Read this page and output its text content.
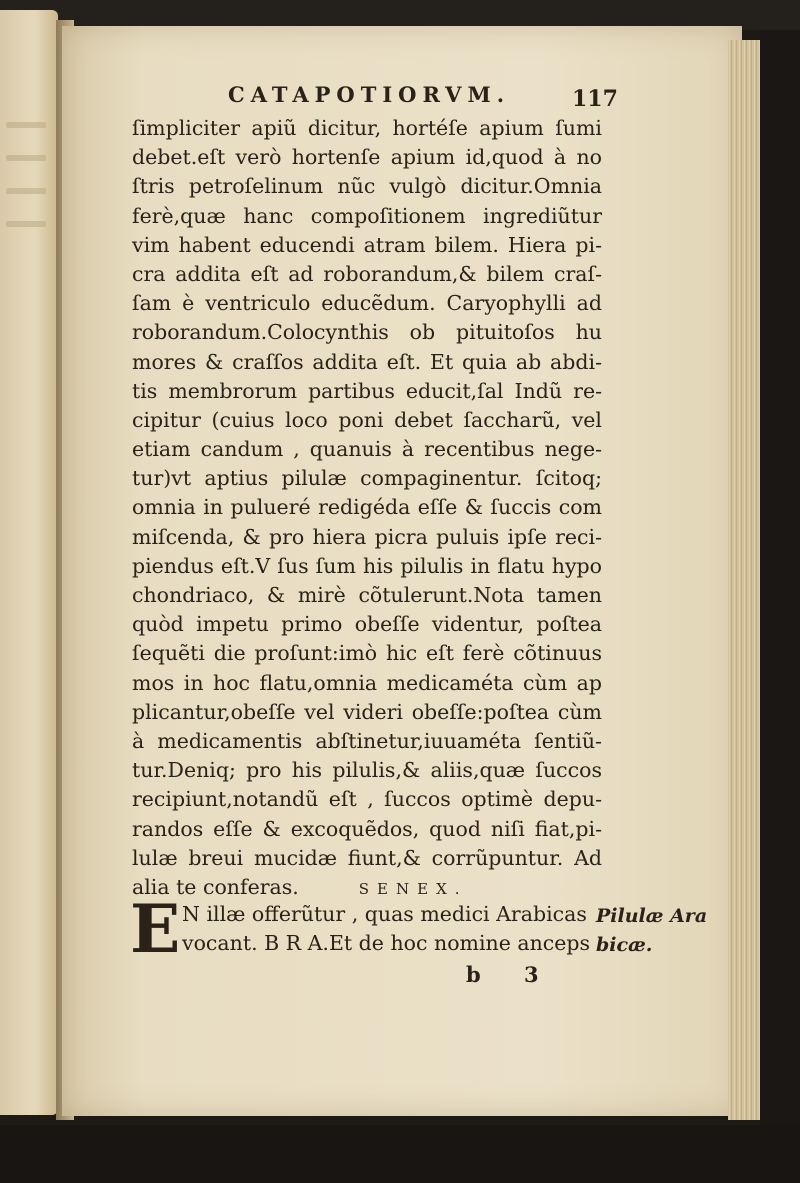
CATAPOTIORVM.	117
ſimpliciter apiũ dicitur, hortéſe apium ſumi
debet.eſt verò hortenſe apium id,quod à no
ſtris petroſelinum nũc vulgò dicitur.Omnia
ferè,quæ hanc compoſitionem ingrediũtur
vim habent educendi atram bilem. Hiera pi-
cra addita eſt ad roborandum,& bilem craſ-
ſam è ventriculo educẽdum. Caryophylli ad
roborandum.Colocynthis ob pituitoſos hu
mores & craſſos addita eſt. Et quia ab abdi-
tis membrorum partibus educit,ſal Indũ re-
cipitur (cuius loco poni debet ſaccharũ, vel
etiam candum , quanuis à recentibus nege-
tur)vt aptius pilulæ compaginentur. ſcitoq;
omnia in pulueré redigéda eſſe & ſuccis com
miſcenda, & pro hiera picra puluis ipſe reci-
piendus eſt.V ſus ſum his pilulis in flatu hypo
chondriaco, & mirè cõtulerunt.Nota tamen
quòd impetu primo obeſſe videntur, poſtea
ſequẽti die proſunt:imò hic eſt ferè cõtinuus
mos in hoc flatu,omnia medicaméta cùm ap
plicantur,obeſſe vel videri obeſſe:poſtea cùm
à medicamentis abſtinetur,iuuaméta ſentiũ-
tur.Deniq; pro his pilulis,& aliis,quæ ſuccos
recipiunt,notandũ eſt , ſuccos optimè depu-
randos eſſe & excoquẽdos, quod niſi fiat,pi-
lulæ breui mucidæ fiunt,& corrũpuntur. Ad
alia te conferas.	SENEX.
E N illæ offerũtur , quas medici Arabicas
vocant. B R A.Et de hoc nomine anceps
Pilulæ Ara
bicæ.
b 3
